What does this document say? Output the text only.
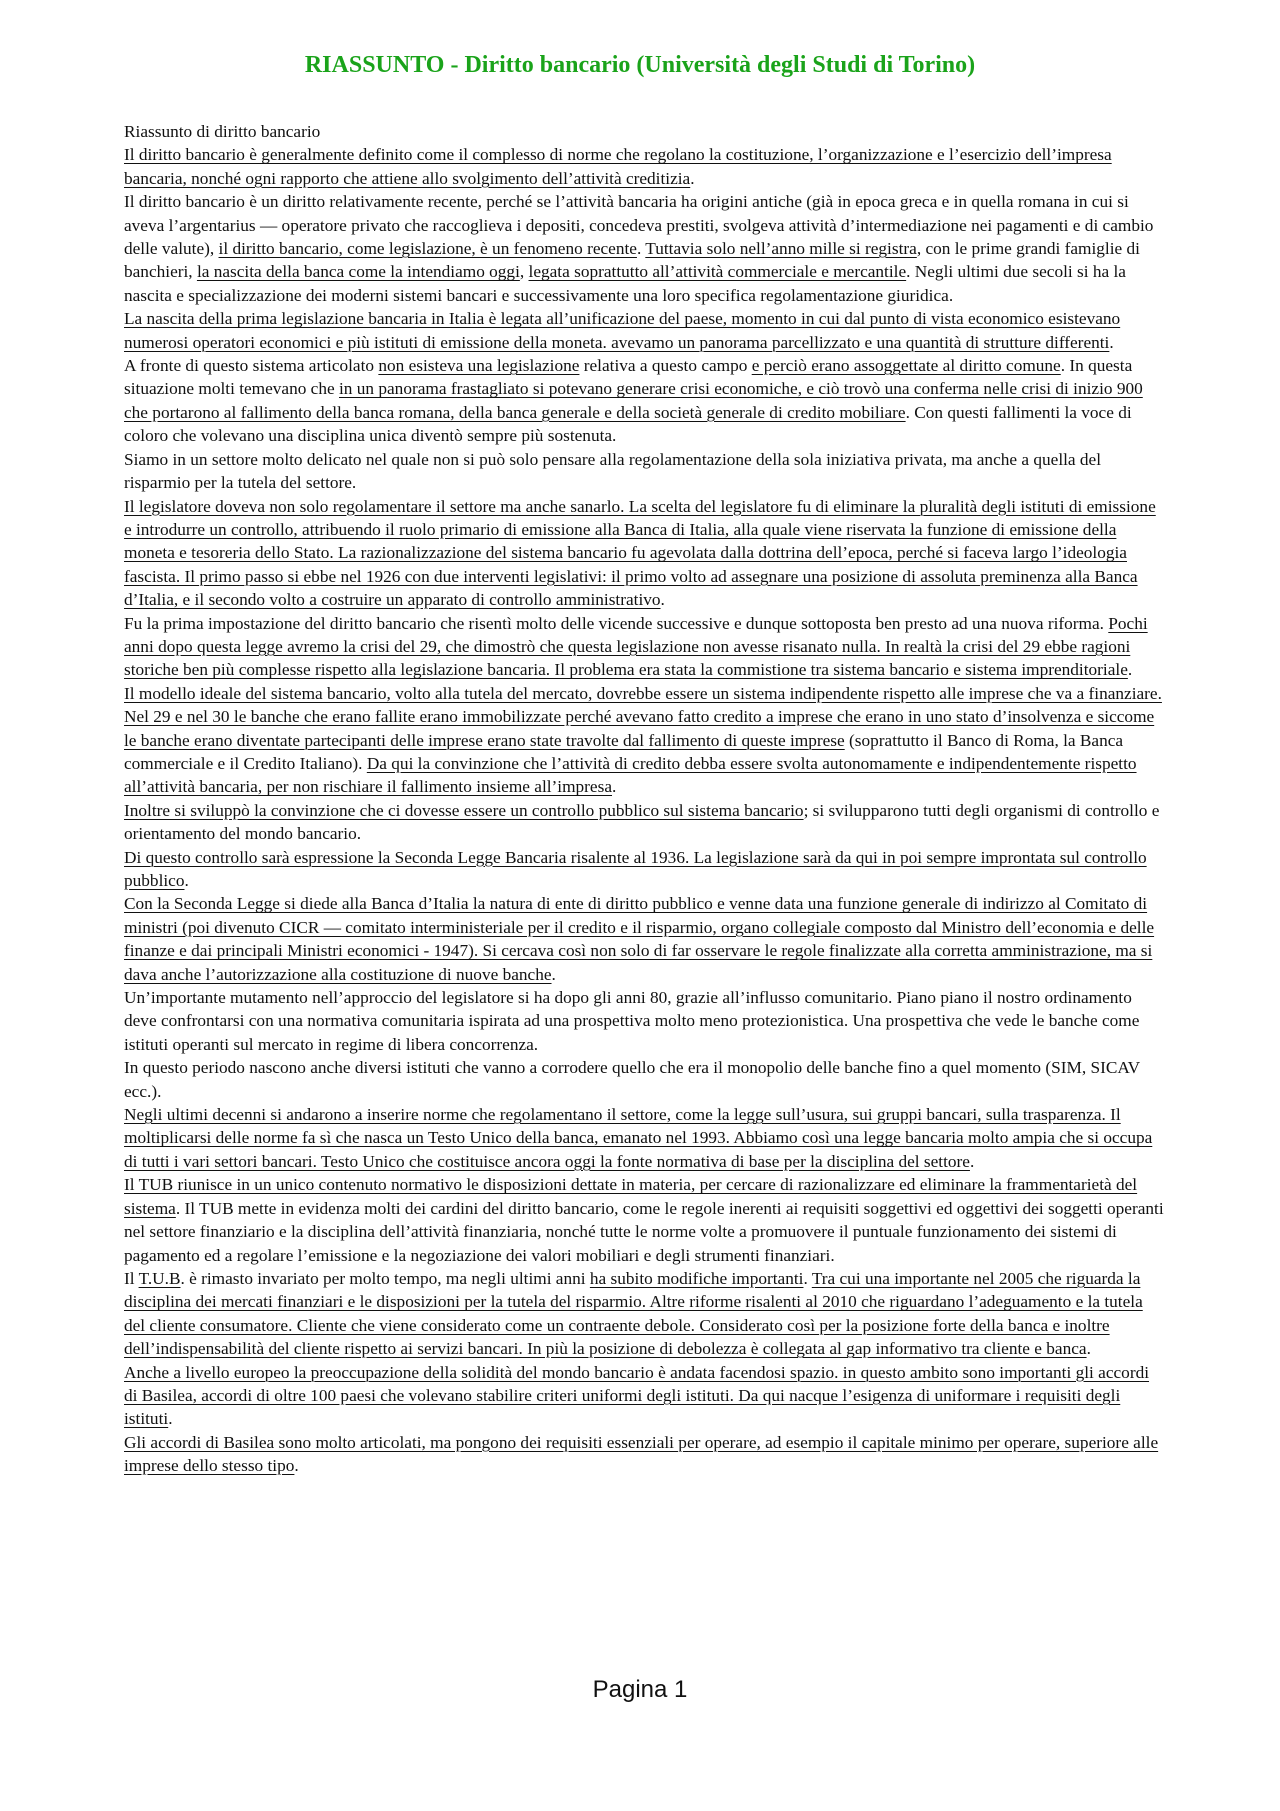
RIASSUNTO - Diritto bancario (Università degli Studi di Torino)

Riassunto di diritto bancario

Il diritto bancario è generalmente definito come il complesso di norme che regolano la costituzione, l’organizzazione e l’esercizio dell’impresa bancaria, nonché ogni rapporto che attiene allo svolgimento dell’attività creditizia.

Il diritto bancario è un diritto relativamente recente, perché se l’attività bancaria ha origini antiche (già in epoca greca e in quella romana in cui si aveva l’argentarius — operatore privato che raccoglieva i depositi, concedeva prestiti, svolgeva attività d’intermediazione nei pagamenti e di cambio delle valute), il diritto bancario, come legislazione, è un fenomeno recente. Tuttavia solo nell’anno mille si registra, con le prime grandi famiglie di banchieri, la nascita della banca come la intendiamo oggi, legata soprattutto all’attività commerciale e mercantile. Negli ultimi due secoli si ha la nascita e specializzazione dei moderni sistemi bancari e successivamente una loro specifica regolamentazione giuridica.

La nascita della prima legislazione bancaria in Italia è legata all’unificazione del paese, momento in cui dal punto di vista economico esistevano numerosi operatori economici e più istituti di emissione della moneta. avevamo un panorama parcellizzato e una quantità di strutture differenti.

A fronte di questo sistema articolato non esisteva una legislazione relativa a questo campo e perciò erano assoggettate al diritto comune. In questa situazione molti temevano che in un panorama frastagliato si potevano generare crisi economiche, e ciò trovò una conferma nelle crisi di inizio 900 che portarono al fallimento della banca romana, della banca generale e della società generale di credito mobiliare. Con questi fallimenti la voce di coloro che volevano una disciplina unica diventò sempre più sostenuta.

Siamo in un settore molto delicato nel quale non si può solo pensare alla regolamentazione della sola iniziativa privata, ma anche a quella del risparmio per la tutela del settore.

Il legislatore doveva non solo regolamentare il settore ma anche sanarlo. La scelta del legislatore fu di eliminare la pluralità degli istituti di emissione e introdurre un controllo, attribuendo il ruolo primario di emissione alla Banca di Italia, alla quale viene riservata la funzione di emissione della moneta e tesoreria dello Stato. La razionalizzazione del sistema bancario fu agevolata dalla dottrina dell’epoca, perché si faceva largo l’ideologia fascista. Il primo passo si ebbe nel 1926 con due interventi legislativi: il primo volto ad assegnare una posizione di assoluta preminenza alla Banca d’Italia, e il secondo volto a costruire un apparato di controllo amministrativo.

Fu la prima impostazione del diritto bancario che risentì molto delle vicende successive e dunque sottoposta ben presto ad una nuova riforma. Pochi anni dopo questa legge avremo la crisi del 29, che dimostrò che questa legislazione non avesse risanato nulla. In realtà la crisi del 29 ebbe ragioni storiche ben più complesse rispetto alla legislazione bancaria. Il problema era stata la commistione tra sistema bancario e sistema imprenditoriale.

Il modello ideale del sistema bancario, volto alla tutela del mercato, dovrebbe essere un sistema indipendente rispetto alle imprese che va a finanziare. Nel 29 e nel 30 le banche che erano fallite erano immobilizzate perché avevano fatto credito a imprese che erano in uno stato d’insolvenza e siccome le banche erano diventate partecipanti delle imprese erano state travolte dal fallimento di queste imprese (soprattutto il Banco di Roma, la Banca commerciale e il Credito Italiano). Da qui la convinzione che l’attività di credito debba essere svolta autonomamente e indipendentemente rispetto all’attività bancaria, per non rischiare il fallimento insieme all’impresa.

Inoltre si sviluppò la convinzione che ci dovesse essere un controllo pubblico sul sistema bancario; si svilupparono tutti degli organismi di controllo e orientamento del mondo bancario.

Di questo controllo sarà espressione la Seconda Legge Bancaria risalente al 1936. La legislazione sarà da qui in poi sempre improntata sul controllo pubblico.

Con la Seconda Legge si diede alla Banca d’Italia la natura di ente di diritto pubblico e venne data una funzione generale di indirizzo al Comitato di ministri (poi divenuto CICR — comitato interministeriale per il credito e il risparmio, organo collegiale composto dal Ministro dell’economia e delle finanze e dai principali Ministri economici - 1947). Si cercava così non solo di far osservare le regole finalizzate alla corretta amministrazione, ma si dava anche l’autorizzazione alla costituzione di nuove banche.

Un’importante mutamento nell’approccio del legislatore si ha dopo gli anni 80, grazie all’influsso comunitario. Piano piano il nostro ordinamento deve confrontarsi con una normativa comunitaria ispirata ad una prospettiva molto meno protezionistica. Una prospettiva che vede le banche come istituti operanti sul mercato in regime di libera concorrenza.

In questo periodo nascono anche diversi istituti che vanno a corrodere quello che era il monopolio delle banche fino a quel momento (SIM, SICAV ecc.).

Negli ultimi decenni si andarono a inserire norme che regolamentano il settore, come la legge sull’usura, sui gruppi bancari, sulla trasparenza. Il moltiplicarsi delle norme fa sì che nasca un Testo Unico della banca, emanato nel 1993. Abbiamo così una legge bancaria molto ampia che si occupa di tutti i vari settori bancari. Testo Unico che costituisce ancora oggi la fonte normativa di base per la disciplina del settore.

Il TUB riunisce in un unico contenuto normativo le disposizioni dettate in materia, per cercare di razionalizzare ed eliminare la frammentarietà del sistema. Il TUB mette in evidenza molti dei cardini del diritto bancario, come le regole inerenti ai requisiti soggettivi ed oggettivi dei soggetti operanti nel settore finanziario e la disciplina dell’attività finanziaria, nonché tutte le norme volte a promuovere il puntuale funzionamento dei sistemi di pagamento ed a regolare l’emissione e la negoziazione dei valori mobiliari e degli strumenti finanziari.

Il T.U.B. è rimasto invariato per molto tempo, ma negli ultimi anni ha subito modifiche importanti. Tra cui una importante nel 2005 che riguarda la disciplina dei mercati finanziari e le disposizioni per la tutela del risparmio. Altre riforme risalenti al 2010 che riguardano l’adeguamento e la tutela del cliente consumatore. Cliente che viene considerato come un contraente debole. Considerato così per la posizione forte della banca e inoltre dell’indispensabilità del cliente rispetto ai servizi bancari. In più la posizione di debolezza è collegata al gap informativo tra cliente e banca.

Anche a livello europeo la preoccupazione della solidità del mondo bancario è andata facendosi spazio. in questo ambito sono importanti gli accordi di Basilea, accordi di oltre 100 paesi che volevano stabilire criteri uniformi degli istituti. Da qui nacque l’esigenza di uniformare i requisiti degli istituti.

Gli accordi di Basilea sono molto articolati, ma pongono dei requisiti essenziali per operare, ad esempio il capitale minimo per operare, superiore alle imprese dello stesso tipo.

Pagina 1
